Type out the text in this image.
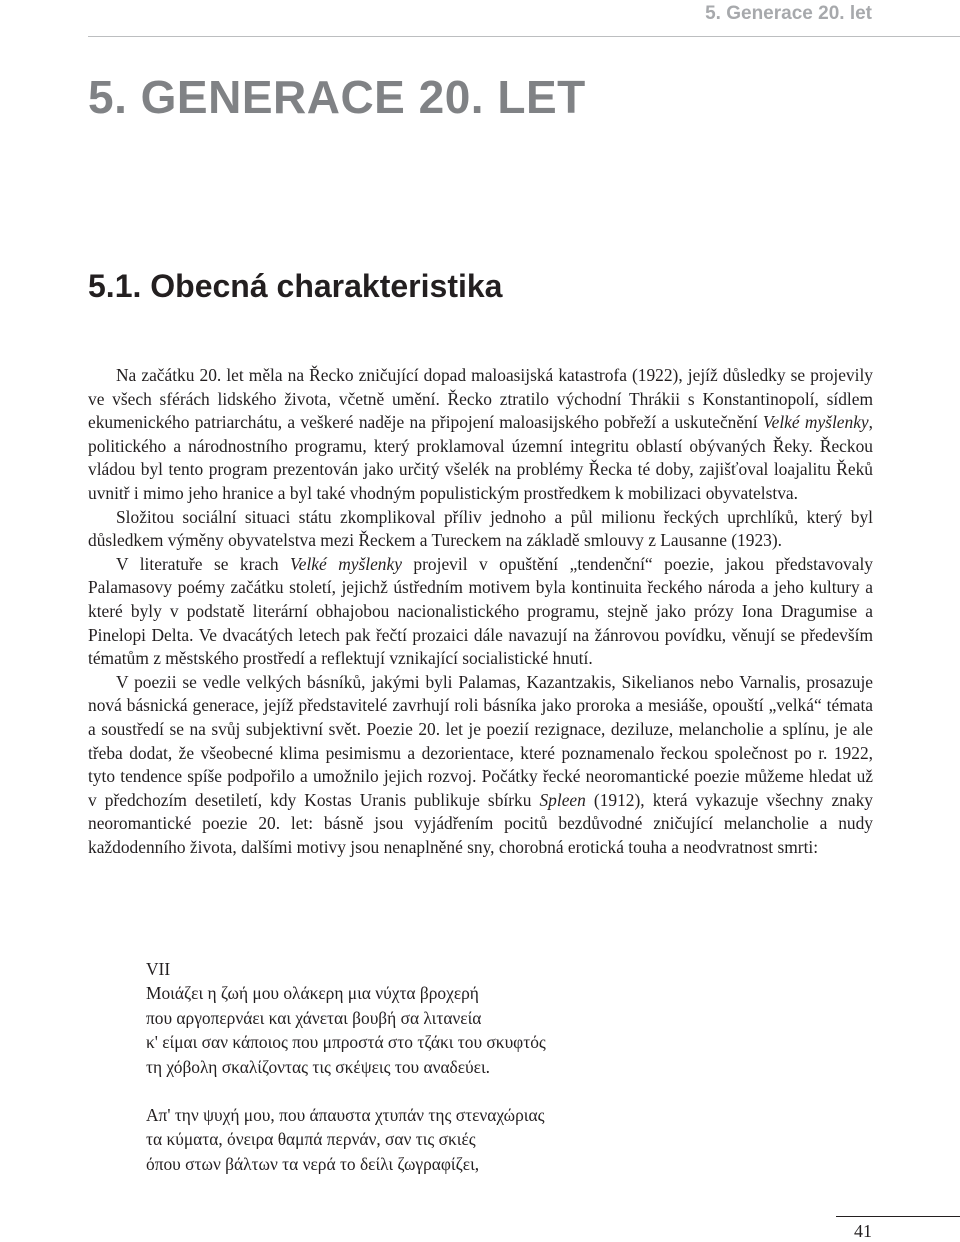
5. Generace 20. let
5. GENERACE 20. LET
5.1. Obecná charakteristika

Na začátku 20. let měla na Řecko zničující dopad maloasijská katastrofa (1922), jejíž důsledky se projevily ve všech sférách lidského života, včetně umění. Řecko ztratilo východní Thrákii s Konstantinopolí, sídlem ekumenického patriarchátu, a veškeré naděje na připojení maloasijského pobřeží a uskutečnění Velké myšlenky, politického a národnostního programu, který proklamoval územní integritu oblastí obývaných Řeky. Řeckou vládou byl tento program prezentován jako určitý všelék na problémy Řecka té doby, zajišťoval loajalitu Řeků uvnitř i mimo jeho hranice a byl také vhodným populistickým prostředkem k mobilizaci obyvatelstva.

Složitou sociální situaci státu zkomplikoval příliv jednoho a půl milionu řeckých uprchlíků, který byl důsledkem výměny obyvatelstva mezi Řeckem a Tureckem na základě smlouvy z Lausanne (1923).

V literatuře se krach Velké myšlenky projevil v opuštění „tendenční“ poezie, jakou představovaly Palamasovy poémy začátku století, jejichž ústředním motivem byla kontinuita řeckého národa a jeho kultury a které byly v podstatě literární obhajobou nacionalistického programu, stejně jako prózy Iona Dragumise a Pinelopi Delta. Ve dvacátých letech pak řečtí prozaici dále navazují na žánrovou povídku, věnují se především tématům z městského prostředí a reflektují vznikající socialistické hnutí.

V poezii se vedle velkých básníků, jakými byli Palamas, Kazantzakis, Sikelianos nebo Varnalis, prosazuje nová básnická generace, jejíž představitelé zavrhují roli básníka jako proroka a mesiáše, opouští „velká“ témata a soustředí se na svůj subjektivní svět. Poezie 20. let je poezií rezignace, deziluze, melancholie a splínu, je ale třeba dodat, že všeobecné klima pesimismu a dezorientace, které poznamenalo řeckou společnost po r. 1922, tyto tendence spíše podpořilo a umožnilo jejich rozvoj. Počátky řecké neoromantické poezie můžeme hledat už v předchozím desetiletí, kdy Kostas Uranis publikuje sbírku Spleen (1912), která vykazuje všechny znaky neoromantické poezie 20. let: básně jsou vyjádřením pocitů bezdůvodné zničující melancholie a nudy každodenního života, dalšími motivy jsou nenaplněné sny, chorobná erotická touha a neodvratnost smrti:

VII
Μοιάζει η ζωή μου ολάκερη μια νύχτα βροχερή
που αργοπερνάει και χάνεται βουβή σα λιτανεία
κ' είμαι σαν κάποιος που μπροστά στο τζάκι του σκυφτός
τη χόβολη σκαλίζοντας τις σκέψεις του αναδεύει.
Απ' την ψυχή μου, που άπαυστα χτυπάν της στεναχώριας
τα κύματα, όνειρα θαμπά περνάν, σαν τις σκιές
όπου στων βάλτων τα νερά το δείλι ζωγραφίζει,
41
